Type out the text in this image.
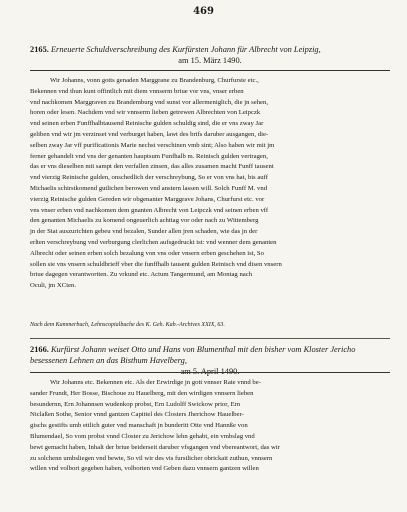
469
2165. Erneuerte Schuldverschreibung des Kurfürsten Johann für Albrecht von Leipzig,
am 15. März 1490.
Wir Johanns, vonn gotts genaden Marggrane zu Brandenburg, Churfurste etc.,
Bekennen vnd thun kunt offintlich mit diem vnnserm briue vor vns, vnser erben
vnd nachkomen Marggraven zu Brandemburg vnd sunst vor allermeniglich, die jn sehen,
horen oder lesen. Nachdem vnd wir vnnserm lieben getrewen Albrechten von Leipczk
vnd seinen erben Funffhalbtausend Reinische gulden schuldig sind, die er vns zway Jar
geliben vnd wir jm verzinset vnd verburget haben, lawt des brifs daruber ausgangen, die-
selben zway Jar vff purificationis Marie nechst verschinen vmb sint; Also haben wir mit jm
ferner gehandelt vnd vns der genanten hauptsum Funfhalb m. Reinisch gulden vertragen,
das er vns dieselben mit sampt den verfallen zinsen, das alles zusamen macht Funff tausent
vnd vierzig Reinische gulden, onschedlich der verschreybung, So er von vns hat, bis auff
Michaelis schirstkomend gutlichen berowen vnd anstern lassen will. Solch Funff M. vnd
vierzig Reinische gulden Gereden wir obgenanter Marggrave Johans, Churfurst etc. vor
vns vnser erben vnd nachkomen dem gnanten Albrecht von Leipczk vnd seinen erben vff
den genanten Michaelis zu komend ongeuerlich achttag vor oder nach zu Wittemberg
jn der Stat auszurichten gebeu vnd bezalen, Sunder allen jren schaden, wie das jn der
erlten verschreybung vnd verburgung clerlichen aufsgedruckt ist: vnd wenner dem genanten
Albrecht oder seinen erben solch bezalung von vns oder vnsern erben geschehen ist, So
sollen sie vns vnsern schuldbrieff vber die funffhalb tausent gulden Reinisch vnd disen vnsern
briue dagegen verantwortten. Zu vrkund etc. Actum Tangermund, am Montag nach
Oculi, jm XCten.
Nach dem Kammerbuch, Lehnscopialbuche des K. Geh. Kab.-Archives XXIX, 63.
2166. Kurfürst Johann weiset Otto und Hans von Blumenthal mit den bisher vom Kloster Jericho besessenen Lehnen an das Bisthum Havelberg,
am 5. April 1490.
Wir Johanns etc. Bekennen etc. Als der Erwirdige jn gott vnnser Rate vnnd be-
sander Frundt, Her Bosse, Bischoue zu Hauelberg, mit den wirdigen vnnsern lieben
besundernn, Ern Johannsen wudenkop probst, Ern Ludolff Swickow prior, Ern
Niclaßen Sothe, Senior vnnd gantzen Capittel des Closters Jherichow Hauelber-
gischs gestifts umb ettlich guter vnd manschaft jn bunderitt Otte vnd Hannße von
Blumendael, So vom probst vnnd Closter zu Jerichow lehn gehabt, ein vmbslag vnd
bewt gemacht haben, Inhalt der briue beiderseit daruber vfsgangen vnd vbereantwort, das wir
zu solchenn umbsliegen vnd bewte, So vil wir des vis furstlicher obrickait zuthun, vnnsern
willen vnd volbort gegeben haben, volborten vnd Geben dazu vnnsern gantzen willen
